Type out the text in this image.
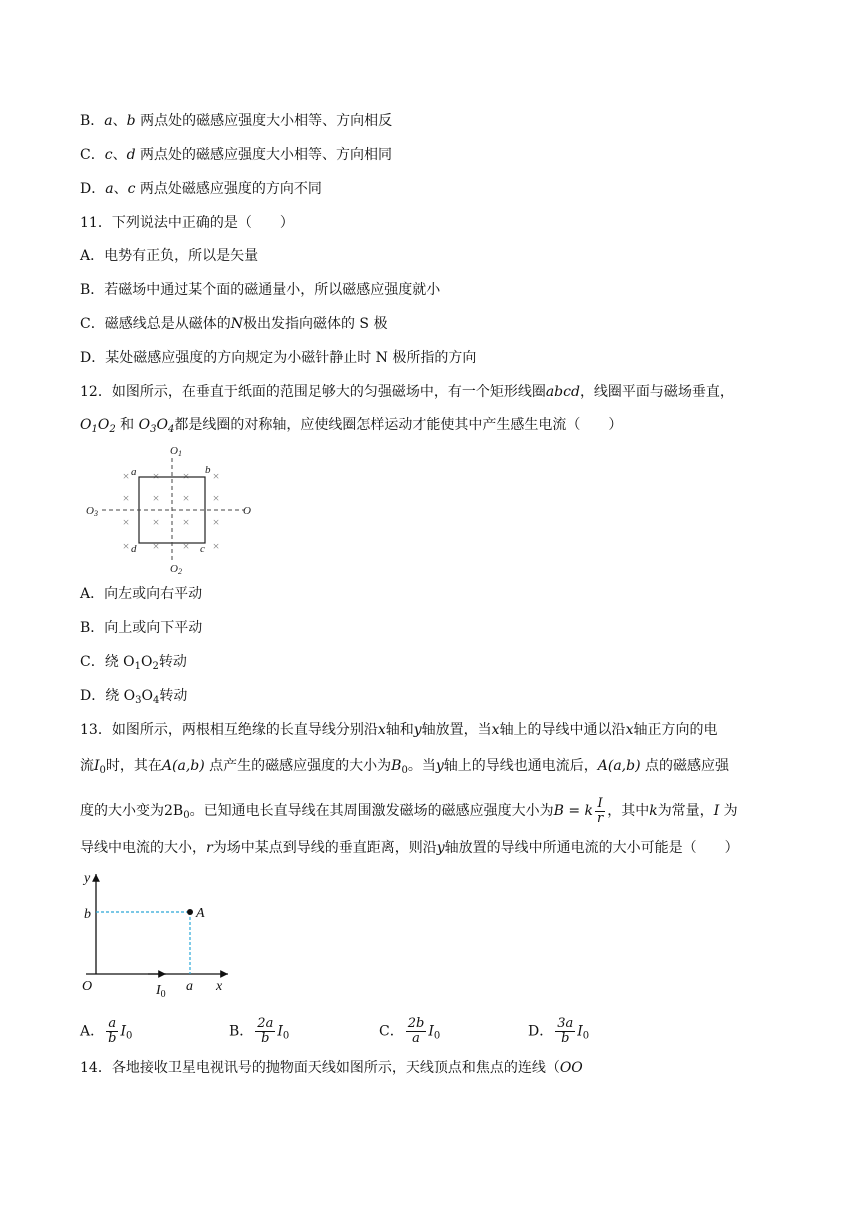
B．a、b 两点处的磁感应强度大小相等、方向相反
C．c、d 两点处的磁感应强度大小相等、方向相同
D．a、c 两点处磁感应强度的方向不同
11．下列说法中正确的是（　　）
A．电势有正负，所以是矢量
B．若磁场中通过某个面的磁通量小，所以磁感应强度就小
C．磁感线总是从磁体的N极出发指向磁体的 S 极
D．某处磁感应强度的方向规定为小磁针静止时 N 极所指的方向
12．如图所示，在垂直于纸面的范围足够大的匀强磁场中，有一个矩形线圈abcd，线圈平面与磁场垂直，
$O_1O_2$ 和 $O_3O_4$都是线圈的对称轴，应使线圈怎样运动才能使其中产生感生电流（　　）
×
×
×
×
×
×
×
×
×
×
×
×
×
×
×
×
O1
O2
O3	O
a	b
c
d
A．向左或向右平动
B．向上或向下平动
C．绕 $O_1O_2$转动
D．绕 $O_3O_4$转动
13．如图所示，两根相互绝缘的长直导线分别沿x轴和y轴放置，当x轴上的导线中通以沿x轴正方向的电
流$I_0$时，其在A(a,b) 点产生的磁感应强度的大小为$B_0$。当y轴上的导线也通电流后，A(a,b) 点的磁感应强
度的大小变为$2B_0$。已知通电长直导线在其周围激发磁场的磁感应强度大小为B = k $\frac{I}{r}$ ，其中k为常量，I 为
导线中电流的大小，r为场中某点到导线的垂直距离，则沿y轴放置的导线中所通电流的大小可能是（　　）
y
b	A
O	$I_0$
a x
A． $\frac{a}{b} I_0$	B． $\frac{2a}{b} I_0$	C． $\frac{2b}{a} I_0$	D． $\frac{3a}{b} I_0$
14．各地接收卫星电视讯号的抛物面天线如图所示，天线顶点和焦点的连线（OO
